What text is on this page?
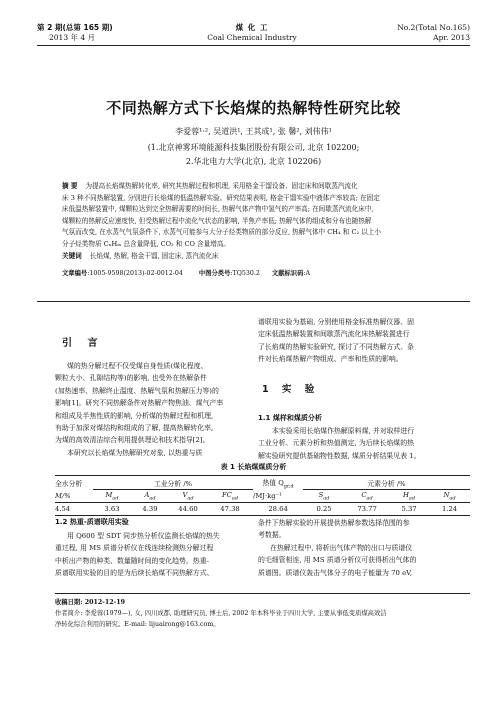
第 2 期(总第 165 期)
2013 年 4 月
煤 化 工
Coal Chemical Industry
No.2(Total No.165)
Apr. 2013
不同热解方式下长焰煤的热解特性研究比较
李爱蓉¹·², 吴道洪¹, 王其成¹, 张 馨², 刘伟伟¹
(1.北京神雾环境能源科技集团股份有限公司, 北京 102200;
2.华北电力大学(北京), 北京 102206)
摘 要 为提高长焰煤热解转化率, 研究其热解过程和机理, 采用格金干馏设备、固定床和间歇蒸汽流化
床 3 种不同热解装置, 分别进行长焰煤的低温热解实验。研究结果表明, 格金干馏实验中液体产率较高; 在固定
床低温热解装置中, 煤颗粒达到完全热解需要的时间长, 热解气体产物中氢气的产率高; 在间歇蒸汽流化床中,
煤颗粒的热解反应速度快, 但受热解过程中流化气状态的影响, 半焦产率低; 热解气体的组成和分布也随热解
气氛而改变, 在水蒸气气氛条件下, 水蒸气可能参与大分子烃类物质的部分反应, 热解气体中 CH₄ 和 C₂ 以上小
分子烃类物质 CₙHₘ 总含量降低, CO₂ 和 CO 含量增高。
关键词 长焰煤, 热解, 格金干馏, 固定床, 蒸汽流化床
文章编号:1005-9598(2013)-02-0012-04	中图分类号:TQ530.2 文献标识码:A
引 言
煤的热分解过程不仅受煤自身性质(煤化程度、
颗粒大小、孔隙结构等)的影响, 也受外在热解条件
(加热速率、热解终止温度、热解气氛和热解压力等)的
影响[1]。研究不同热解条件对热解产物焦油、煤气产率
和组成及半焦性质的影响, 分析煤的热解过程和机理,
有助于加深对煤结构和组成的了解, 提高热解转化率,
为煤的高效清洁综合利用提供理论和技术指导[2]。
本研究以长焰煤为热解研究对象, 以热重与质
谱联用实验为基础, 分别使用格金标准热解仪器、固
定床低温热解装置和间歇蒸汽流化床热解装置进行
了长焰煤的热解实验研究, 探讨了不同热解方式、条
件对长焰煤热解产物组成、产率和性质的影响。
1 实 验
1.1 煤样和煤质分析
本实验采用长焰煤作热解原料煤, 并对取样进行
工业分析、元素分析和热值测定, 为后续长焰煤的热
解实验研究提供基础物性数据, 煤质分析结果见表 1。
表 1 长焰煤煤质分析
全水分析	工业分析 /%				热值 $Q_{gr,d}$	元素分析 /%			
M/%	$M_{ad}$	$A_{ad}$	$V_{ad}$	$FC_{ad}$	/MJ·kg⁻¹	$S_{ad}$	$C_{ad}$	$H_{ad}$	$N_{ad}$
4.54	3.63	4.39	44.60	47.38	28.64	0.25	73.77	5.37	1.24
1.2 热重-质谱联用实验
用 Q600 型 SDT 同步热分析仪监测长焰煤的热失
重过程, 用 MS 质谱分析仪在线连续检测热分解过程
中析出产物的种类、数量随时间的变化趋势。热重-
质谱联用实验的目的是为后续长焰煤不同热解方式、
条件下热解实验的开展提供热解参数选择范围的参
考数据。
在热解过程中, 将析出气体产物的出口与质谱仪
的毛细管相连, 用 MS 质谱分析仪可获得析出气体的
质谱图。质谱仪轰击气体分子的电子能量为 70 eV,
收稿日期: 2012-12-19
作者简介: 李爱蓉(1979—), 女, 四川成都, 助理研究员, 博士后, 2002 年本科毕业于四川大学, 主要从事低变质煤高效洁
净转化综合利用的研究。E-mail: lijuairong@163.com。
